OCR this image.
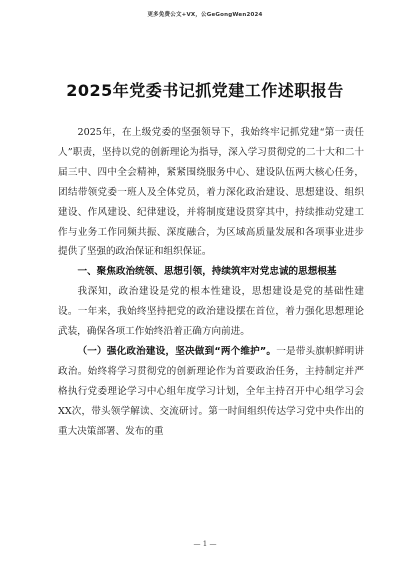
更多免费公文+VX，公GeGongWen2024
2025年党委书记抓党建工作述职报告

2025年，在上级党委的坚强领导下，我始终牢记抓党建“第一责任人”职责，坚持以党的创新理论为指导，深入学习贯彻党的二十大和二十届三中、四中全会精神，紧紧围绕服务中心、建设队伍两大核心任务，团结带领党委一班人及全体党员，着力深化政治建设、思想建设、组织建设、作风建设、纪律建设，并将制度建设贯穿其中，持续推动党建工作与业务工作同频共振、深度融合，为区域高质量发展和各项事业进步提供了坚强的政治保证和组织保证。

一、聚焦政治统领、思想引领，持续筑牢对党忠诚的思想根基

我深知，政治建设是党的根本性建设，思想建设是党的基础性建设。一年来，我始终坚持把党的政治建设摆在首位，着力强化思想理论武装，确保各项工作始终沿着正确方向前进。

（一）强化政治建设，坚决做到“两个维护”。一是带头旗帜鲜明讲政治。始终将学习贯彻党的创新理论作为首要政治任务，主持制定并严格执行党委理论学习中心组年度学习计划，全年主持召开中心组学习会XX次，带头领学解读、交流研讨。第一时间组织传达学习党中央作出的重大决策部署、发布的重

— 1 —
